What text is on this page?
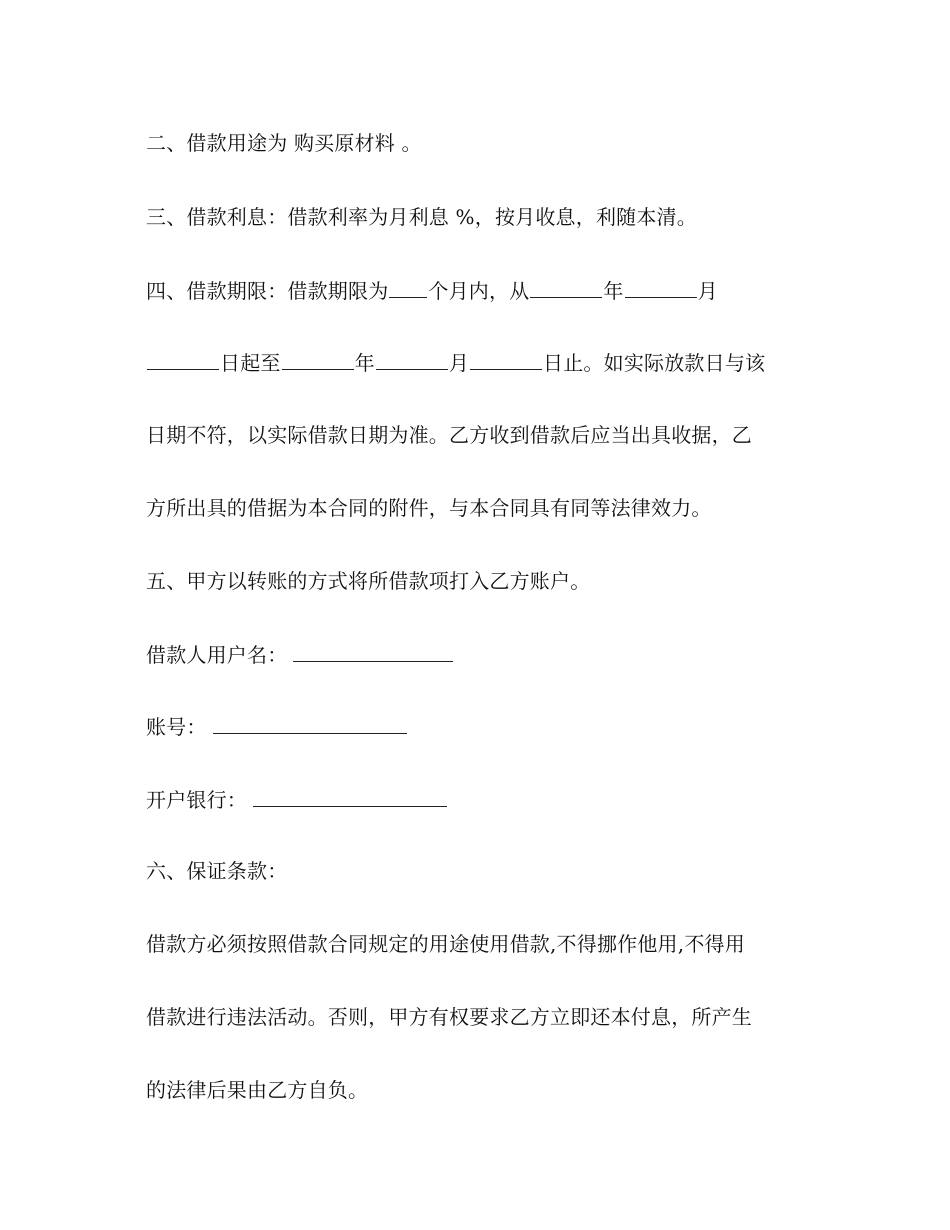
二、借款用途为 购买原材料 。
三、借款利息：借款利率为月利息 %，按月收息，利随本清。
四、借款期限：借款期限为 个月内，从	年	月
日起至	年	月	日止。如实际放款日与该
日期不符，以实际借款日期为准。乙方收到借款后应当出具收据，乙
方所出具的借据为本合同的附件，与本合同具有同等法律效力。
五、甲方以转账的方式将所借款项打入乙方账户。
借款人用户名：
账号：
开户银行：
六、保证条款：
借款方必须按照借款合同规定的用途使用借款,不得挪作他用,不得用
借款进行违法活动。否则，甲方有权要求乙方立即还本付息，所产生
的法律后果由乙方自负。
